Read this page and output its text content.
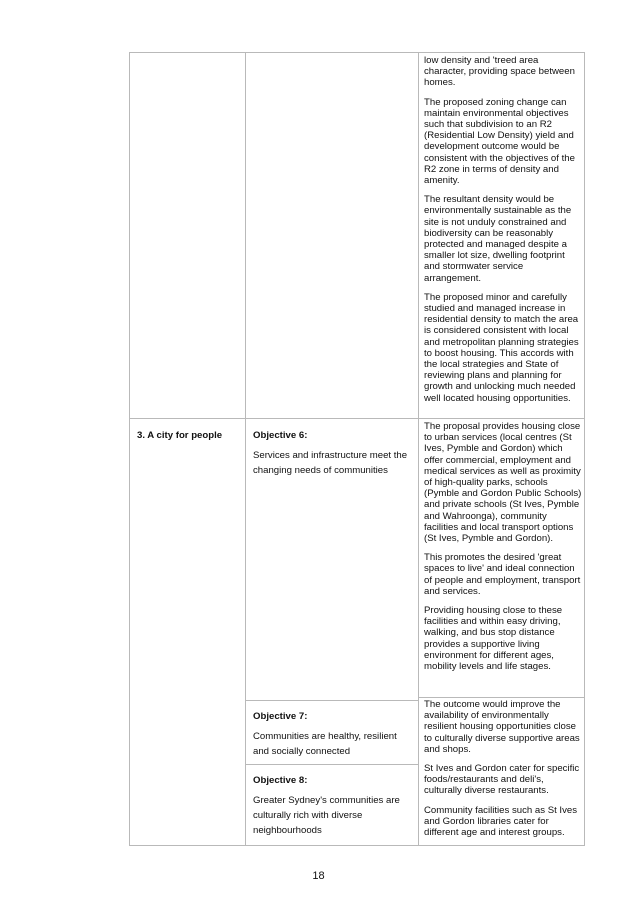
low density and 'treed area character, providing space between homes.

The proposed zoning change can maintain environmental objectives such that subdivision to an R2 (Residential Low Density) yield and development outcome would be consistent with the objectives of the R2 zone in terms of density and amenity.

The resultant density would be environmentally sustainable as the site is not unduly constrained and biodiversity can be reasonably protected and managed despite a smaller lot size, dwelling footprint and stormwater service arrangement.

The proposed minor and carefully studied and managed increase in residential density to match the area is considered consistent with local and metropolitan planning strategies to boost housing. This accords with the local strategies and State of reviewing plans and planning for growth and unlocking much needed well located housing opportunities.

3. A city for people	Objective 6:

Services and infrastructure meet the changing needs of communities

Objective 7:

Communities are healthy, resilient and socially connected

Objective 8:

Greater Sydney's communities are culturally rich with diverse neighbourhoods

The proposal provides housing close to urban services (local centres (St Ives, Pymble and Gordon) which offer commercial, employment and medical services as well as proximity of high-quality parks, schools (Pymble and Gordon Public Schools) and private schools (St Ives, Pymble and Wahroonga), community facilities and local transport options (St Ives, Pymble and Gordon).

This promotes the desired 'great spaces to live' and ideal connection of people and employment, transport and services.

Providing housing close to these facilities and within easy driving, walking, and bus stop distance provides a supportive living environment for different ages, mobility levels and life stages.

The outcome would improve the availability of environmentally resilient housing opportunities close to culturally diverse supportive areas and shops.

St Ives and Gordon cater for specific foods/restaurants and deli's, culturally diverse restaurants.

Community facilities such as St Ives and Gordon libraries cater for different age and interest groups.

18
